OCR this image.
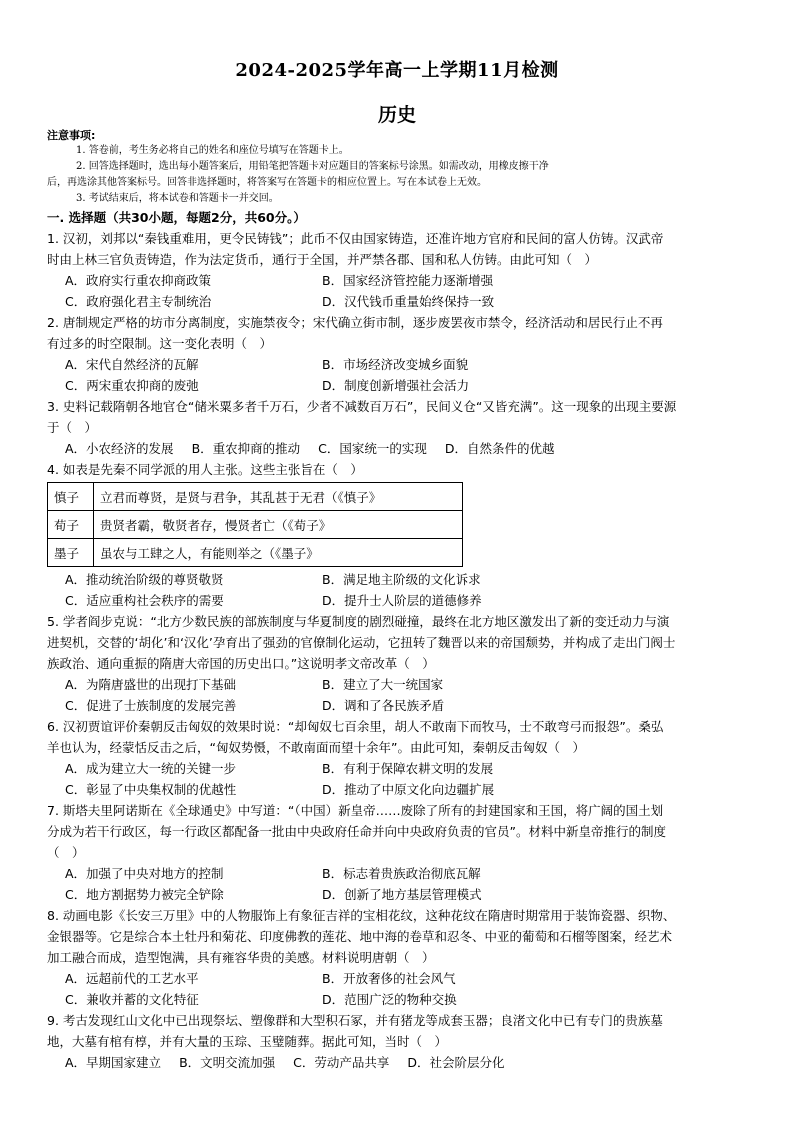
2024-2025学年高一上学期11月检测
历史
注意事项:
1. 答卷前，考生务必将自己的姓名和座位号填写在答题卡上。
2. 回答选择题时，选出每小题答案后，用铅笔把答题卡对应题目的答案标号涂黑。如需改动，用橡皮擦干净
后，再选涂其他答案标号。回答非选择题时，将答案写在答题卡的相应位置上。写在本试卷上无效。
3. 考试结束后，将本试卷和答题卡一并交回。
一. 选择题（共30小题，每题2分，共60分。）
1. 汉初，刘邦以“秦钱重难用，更令民铸钱”；此币不仅由国家铸造，还准许地方官府和民间的富人仿铸。汉武帝
时由上林三官负责铸造，作为法定货币，通行于全国，并严禁各郡、国和私人仿铸。由此可知（　）
A．政府实行重农抑商政策	B．国家经济管控能力逐渐增强
C．政府强化君主专制统治	D．汉代钱币重量始终保持一致
2. 唐制规定严格的坊市分离制度，实施禁夜令；宋代确立街市制，逐步废罢夜市禁令，经济活动和居民行止不再
有过多的时空限制。这一变化表明（　）
A．宋代自然经济的瓦解	B．市场经济改变城乡面貌
C．两宋重农抑商的废弛	D．制度创新增强社会活力
3. 史料记载隋朝各地官仓“储米粟多者千万石，少者不减数百万石”，民间义仓“又皆充满”。这一现象的出现主要源
于（　）
A．小农经济的发展 B．重农抑商的推动 C．国家统一的实现 D．自然条件的优越
4. 如表是先秦不同学派的用人主张。这些主张旨在（　）
慎子	立君而尊贤，是贤与君争，其乱甚于无君（《慎子》
荀子	贵贤者霸，敬贤者存，慢贤者亡（《荀子》
墨子	虽农与工肆之人，有能则举之（《墨子》
A．推动统治阶级的尊贤敬贤	B．满足地主阶级的文化诉求
C．适应重构社会秩序的需要	D．提升士人阶层的道德修养
5. 学者阎步克说：“北方少数民族的部族制度与华夏制度的剧烈碰撞，最终在北方地区激发出了新的变迁动力与演
进契机，交替的‘胡化’和‘汉化’孕育出了强劲的官僚制化运动，它扭转了魏晋以来的帝国颓势，并构成了走出门阀士
族政治、通向重振的隋唐大帝国的历史出口。”这说明孝文帝改革（　）
A．为隋唐盛世的出现打下基础	B．建立了大一统国家
C．促进了士族制度的发展完善	D．调和了各民族矛盾
6. 汉初贾谊评价秦朝反击匈奴的效果时说：“却匈奴七百余里，胡人不敢南下而牧马，士不敢弯弓而报怨”。桑弘
羊也认为，经蒙恬反击之后，“匈奴势慑，不敢南面而望十余年”。由此可知，秦朝反击匈奴（　）
A．成为建立大一统的关键一步	B．有利于保障农耕文明的发展
C．彰显了中央集权制的优越性	D．推动了中原文化向边疆扩展
7. 斯塔夫里阿诺斯在《全球通史》中写道：“（中国）新皇帝……废除了所有的封建国家和王国，将广阔的国土划
分成为若干行政区，每一行政区都配备一批由中央政府任命并向中央政府负责的官员”。材料中新皇帝推行的制度
（　）
A．加强了中央对地方的控制	B．标志着贵族政治彻底瓦解
C．地方割据势力被完全铲除	D．创新了地方基层管理模式
8. 动画电影《长安三万里》中的人物服饰上有象征吉祥的宝相花纹，这种花纹在隋唐时期常用于装饰瓷器、织物、
金银器等。它是综合本土牡丹和菊花、印度佛教的莲花、地中海的卷草和忍冬、中亚的葡萄和石榴等图案，经艺术
加工融合而成，造型饱满，具有雍容华贵的美感。材料说明唐朝（　）
A．远超前代的工艺水平	B．开放奢侈的社会风气
C．兼收并蓄的文化特征	D．范围广泛的物种交换
9. 考古发现红山文化中已出现祭坛、塑像群和大型积石冢，并有猪龙等成套玉器；良渚文化中已有专门的贵族墓
地，大墓有棺有椁，并有大量的玉琮、玉璧随葬。据此可知，当时（　）
A．早期国家建立 B．文明交流加强 C．劳动产品共享 D．社会阶层分化
